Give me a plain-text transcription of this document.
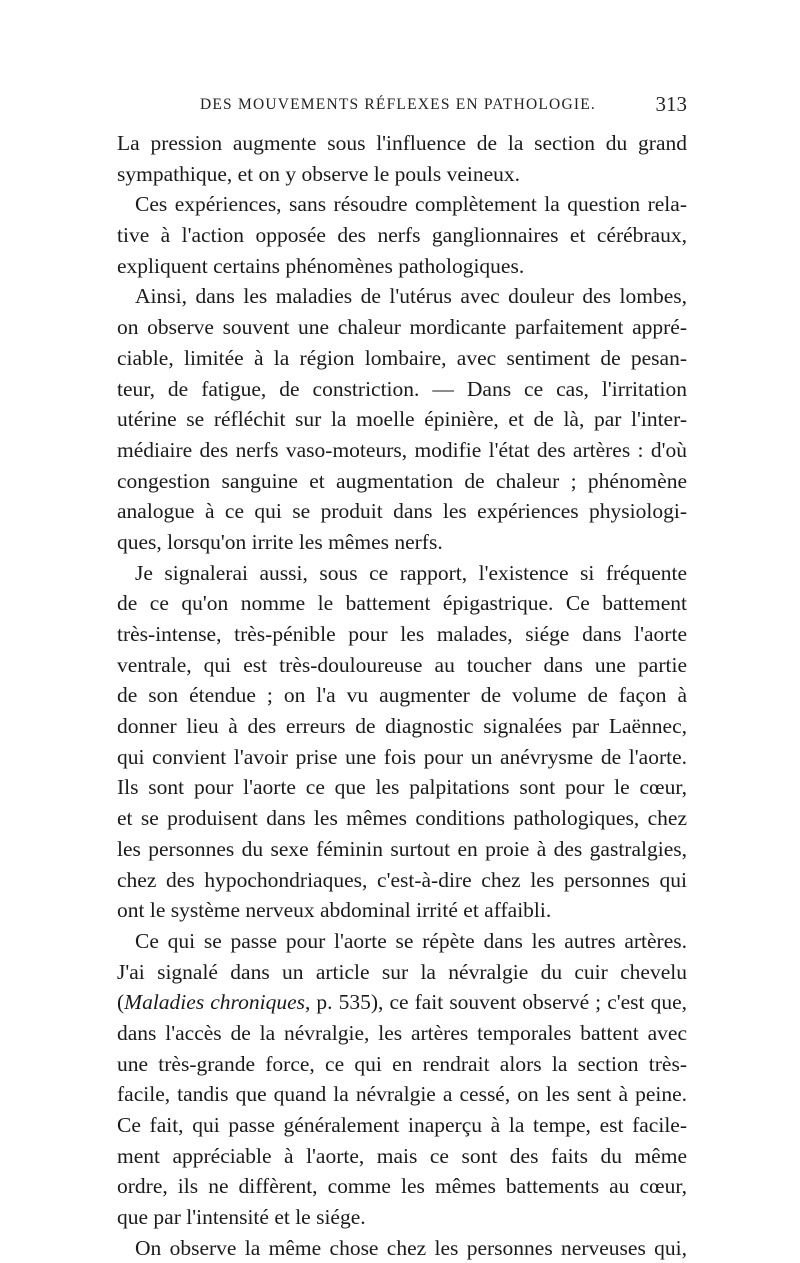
DES MOUVEMENTS RÉFLEXES EN PATHOLOGIE.	313
La pression augmente sous l'influence de la section du grand
sympathique, et on y observe le pouls veineux.
Ces expériences, sans résoudre complètement la question rela-
tive à l'action opposée des nerfs ganglionnaires et cérébraux,
expliquent certains phénomènes pathologiques.
Ainsi, dans les maladies de l'utérus avec douleur des lombes,
on observe souvent une chaleur mordicante parfaitement appré-
ciable, limitée à la région lombaire, avec sentiment de pesan-
teur, de fatigue, de constriction. — Dans ce cas, l'irritation
utérine se réfléchit sur la moelle épinière, et de là, par l'inter-
médiaire des nerfs vaso-moteurs, modifie l'état des artères : d'où
congestion sanguine et augmentation de chaleur ; phénomène
analogue à ce qui se produit dans les expériences physiologi-
ques, lorsqu'on irrite les mêmes nerfs.
Je signalerai aussi, sous ce rapport, l'existence si fréquente
de ce qu'on nomme le battement épigastrique. Ce battement
très-intense, très-pénible pour les malades, siége dans l'aorte
ventrale, qui est très-douloureuse au toucher dans une partie
de son étendue ; on l'a vu augmenter de volume de façon à
donner lieu à des erreurs de diagnostic signalées par Laënnec,
qui convient l'avoir prise une fois pour un anévrysme de l'aorte.
Ils sont pour l'aorte ce que les palpitations sont pour le cœur,
et se produisent dans les mêmes conditions pathologiques, chez
les personnes du sexe féminin surtout en proie à des gastralgies,
chez des hypochondriaques, c'est-à-dire chez les personnes qui
ont le système nerveux abdominal irrité et affaibli.
Ce qui se passe pour l'aorte se répète dans les autres artères.
J'ai signalé dans un article sur la névralgie du cuir chevelu
(Maladies chroniques, p. 535), ce fait souvent observé ; c'est que,
dans l'accès de la névralgie, les artères temporales battent avec
une très-grande force, ce qui en rendrait alors la section très-
facile, tandis que quand la névralgie a cessé, on les sent à peine.
Ce fait, qui passe généralement inaperçu à la tempe, est facile-
ment appréciable à l'aorte, mais ce sont des faits du même
ordre, ils ne diffèrent, comme les mêmes battements au cœur,
que par l'intensité et le siége.
On observe la même chose chez les personnes nerveuses qui,
